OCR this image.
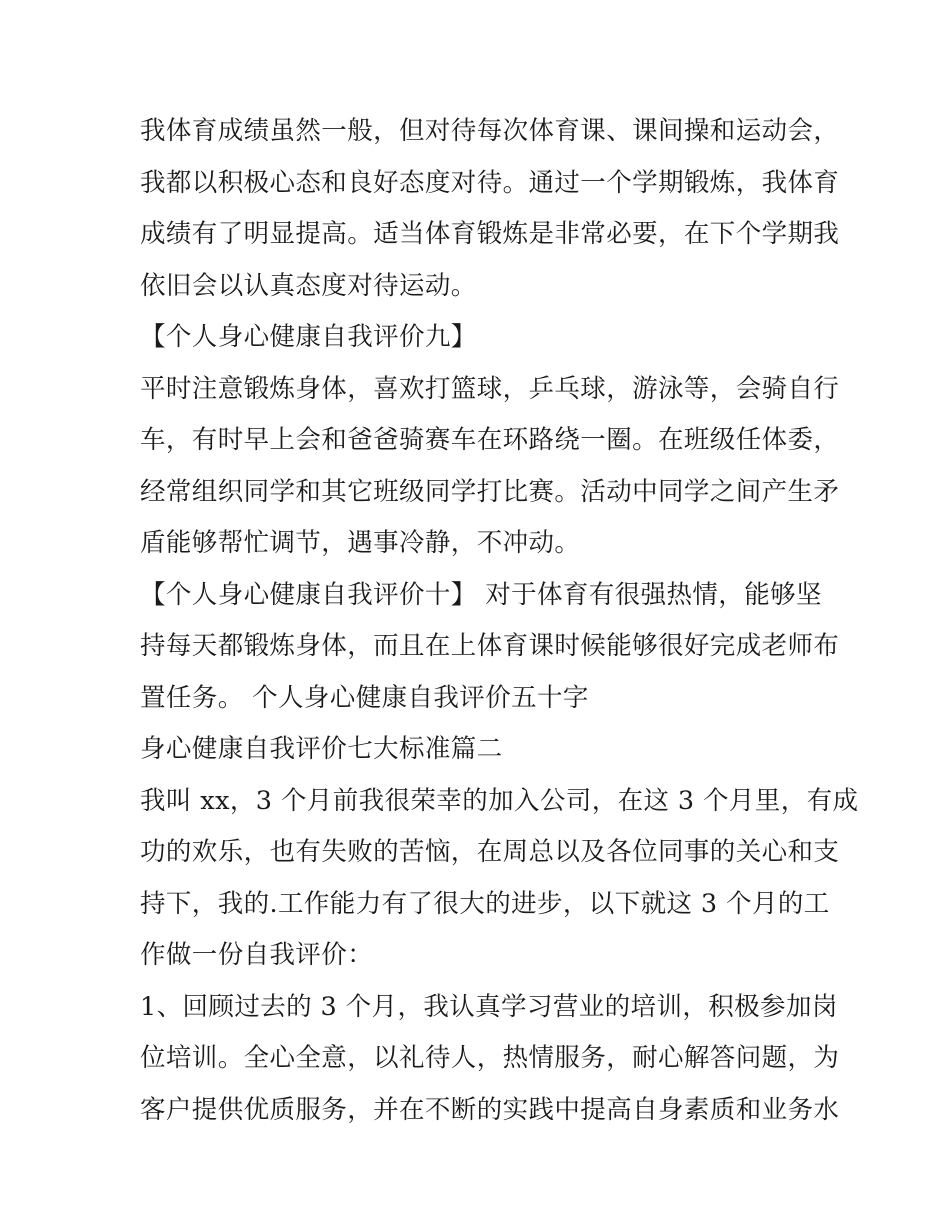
我体育成绩虽然一般，但对待每次体育课、课间操和运动会，
我都以积极心态和良好态度对待。通过一个学期锻炼，我体育
成绩有了明显提高。适当体育锻炼是非常必要，在下个学期我
依旧会以认真态度对待运动。
【个人身心健康自我评价九】
平时注意锻炼身体，喜欢打篮球，乒乓球，游泳等，会骑自行
车，有时早上会和爸爸骑赛车在环路绕一圈。在班级任体委，
经常组织同学和其它班级同学打比赛。活动中同学之间产生矛
盾能够帮忙调节，遇事冷静，不冲动。
【个人身心健康自我评价十】 对于体育有很强热情，能够坚
持每天都锻炼身体，而且在上体育课时候能够很好完成老师布
置任务。 个人身心健康自我评价五十字
身心健康自我评价七大标准篇二
我叫 xx，3 个月前我很荣幸的加入公司，在这 3 个月里，有成
功的欢乐，也有失败的苦恼，在周总以及各位同事的关心和支
持下，我的.工作能力有了很大的进步，以下就这 3 个月的工
作做一份自我评价：
1、回顾过去的 3 个月，我认真学习营业的培训，积极参加岗
位培训。全心全意，以礼待人，热情服务，耐心解答问题，为
客户提供优质服务，并在不断的实践中提高自身素质和业务水
